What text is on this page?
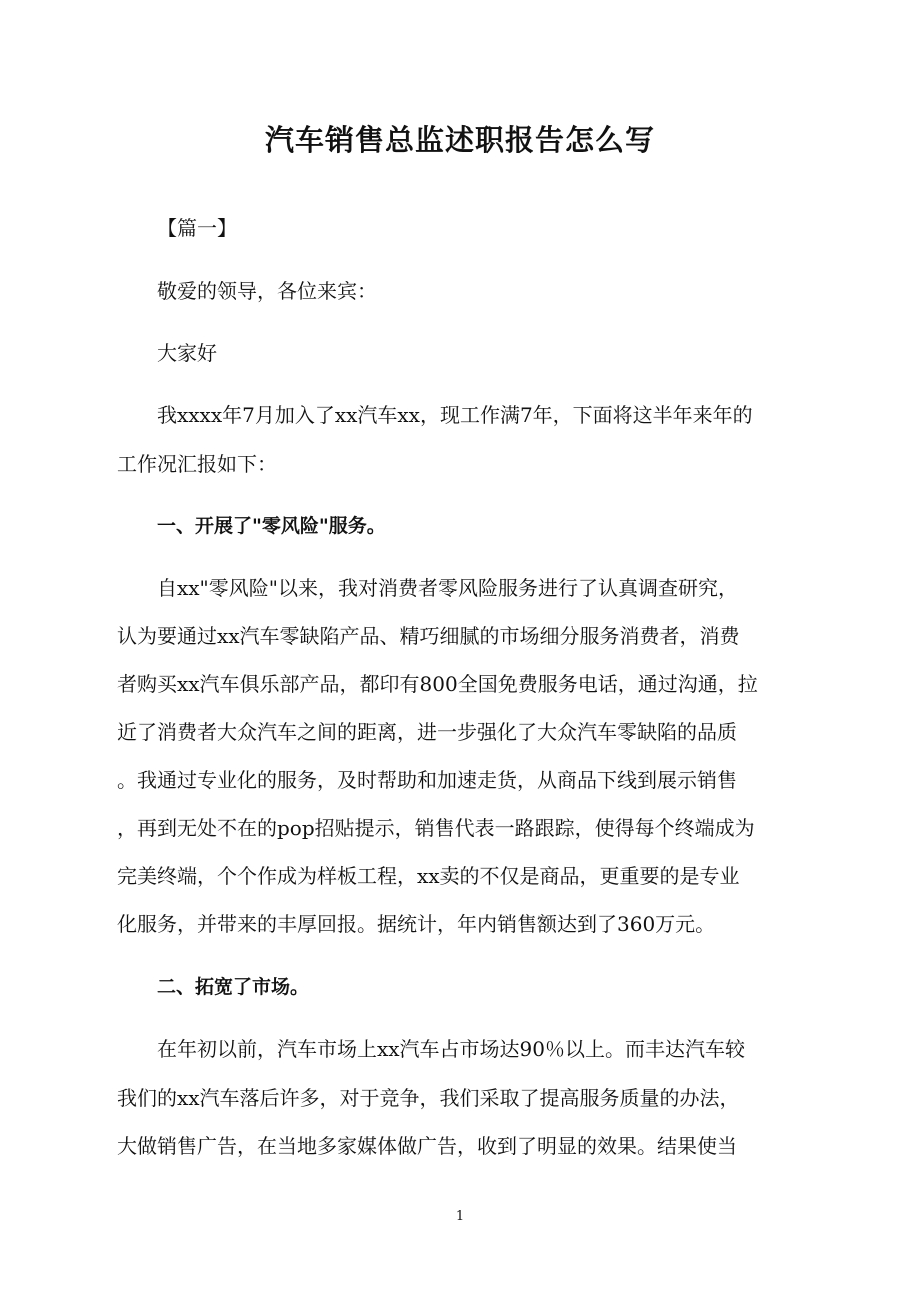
汽车销售总监述职报告怎么写
【篇一】
敬爱的领导，各位来宾：
大家好
我xxxx年7月加入了xx汽车xx，现工作满7年，下面将这半年来年的
工作况汇报如下：
一、开展了"零风险"服务。
自xx"零风险"以来，我对消费者零风险服务进行了认真调查研究，
认为要通过xx汽车零缺陷产品、精巧细腻的市场细分服务消费者，消费
者购买xx汽车俱乐部产品，都印有800全国免费服务电话，通过沟通，拉
近了消费者大众汽车之间的距离，进一步强化了大众汽车零缺陷的品质
。我通过专业化的服务，及时帮助和加速走货，从商品下线到展示销售
，再到无处不在的pop招贴提示，销售代表一路跟踪，使得每个终端成为
完美终端，个个作成为样板工程，xx卖的不仅是商品，更重要的是专业
化服务，并带来的丰厚回报。据统计，年内销售额达到了360万元。
二、拓宽了市场。
在年初以前，汽车市场上xx汽车占市场达90％以上。而丰达汽车较
我们的xx汽车落后许多，对于竞争，我们采取了提高服务质量的办法，
大做销售广告，在当地多家媒体做广告，收到了明显的效果。结果使当
1
